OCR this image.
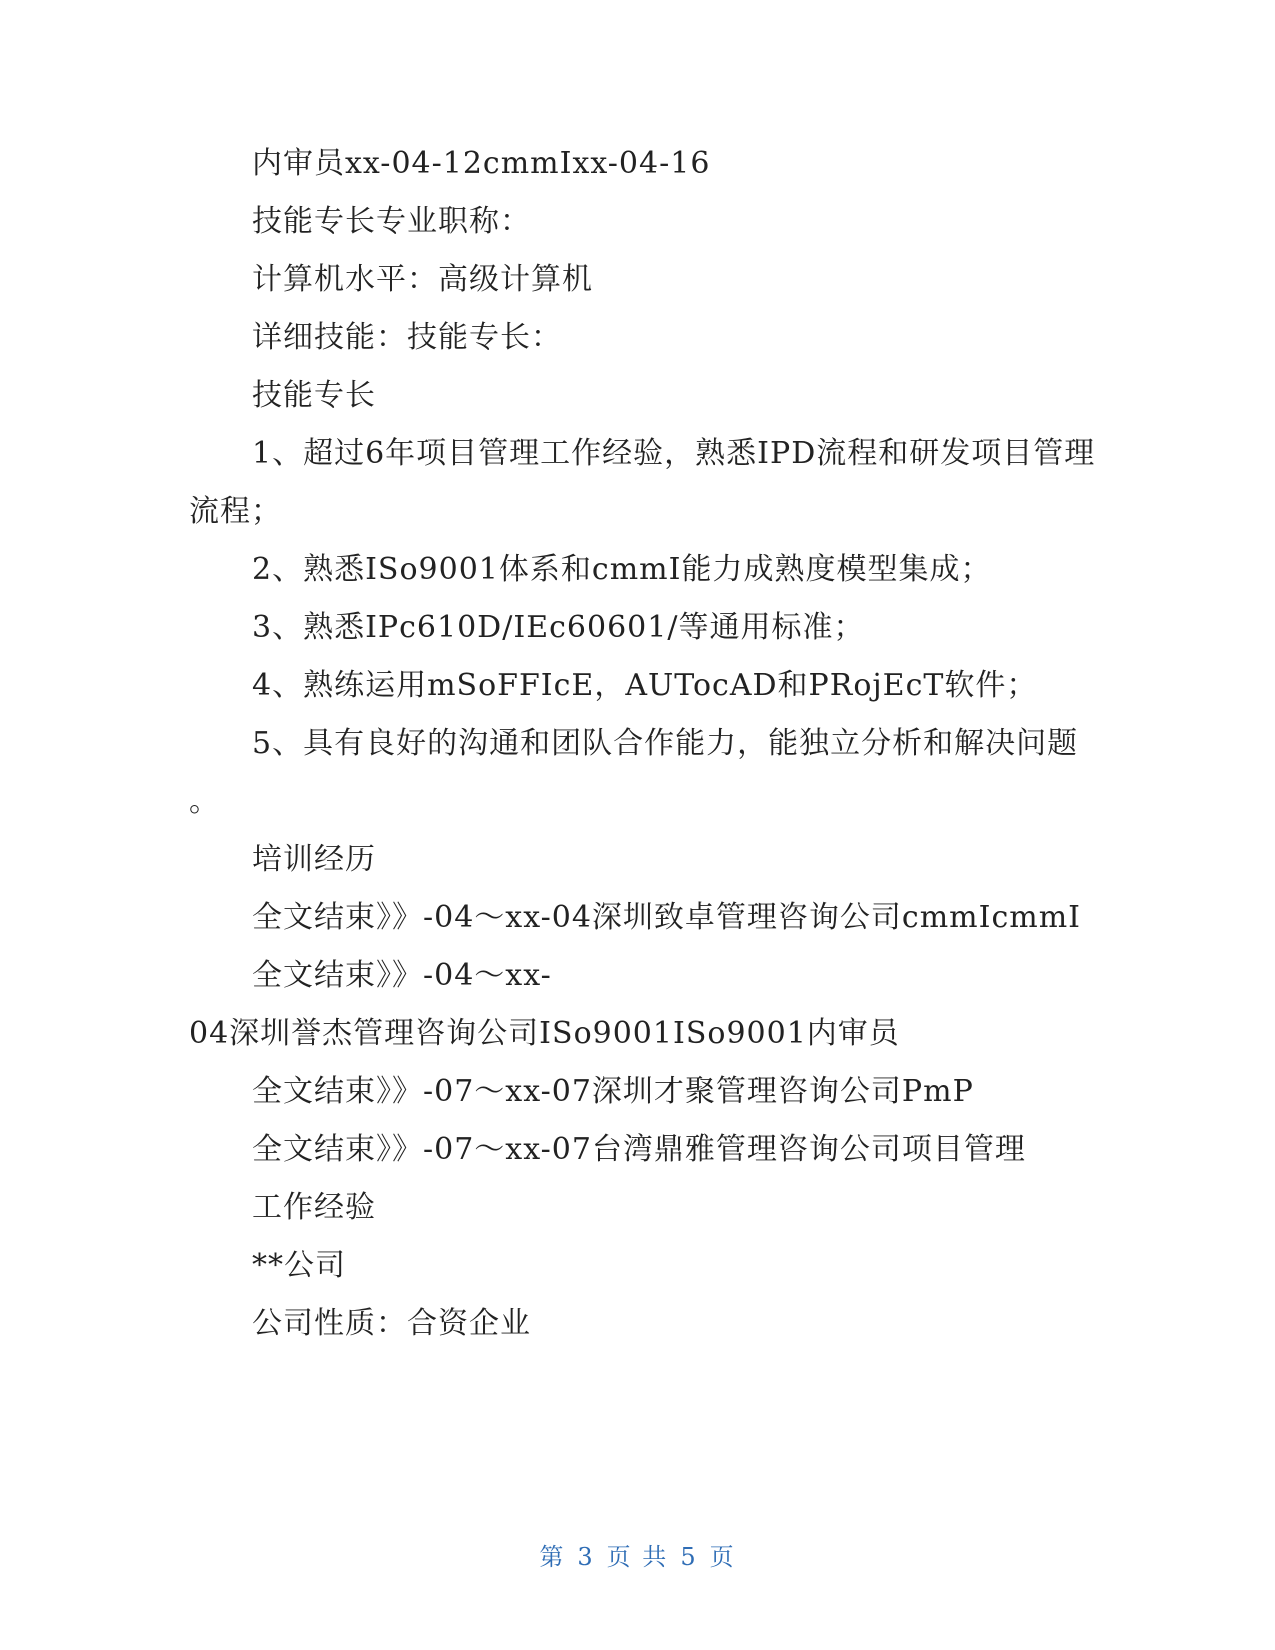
内审员xx-04-12cmmIxx-04-16
技能专长专业职称：
计算机水平：高级计算机
详细技能：技能专长：
技能专长
1、超过6年项目管理工作经验，熟悉IPD流程和研发项目管理
流程；
2、熟悉ISo9001体系和cmmI能力成熟度模型集成；
3、熟悉IPc610D/IEc60601/等通用标准；
4、熟练运用mSoFFIcE，AUTocAD和PRojEcT软件；
5、具有良好的沟通和团队合作能力，能独立分析和解决问题
。
培训经历
全文结束》》-04～xx-04深圳致卓管理咨询公司cmmIcmmI
全文结束》》-04～xx-
04深圳誉杰管理咨询公司ISo9001ISo9001内审员
全文结束》》-07～xx-07深圳才聚管理咨询公司PmP
全文结束》》-07～xx-07台湾鼎雅管理咨询公司项目管理
工作经验
**公司
公司性质：合资企业
第 3 页 共 5 页
